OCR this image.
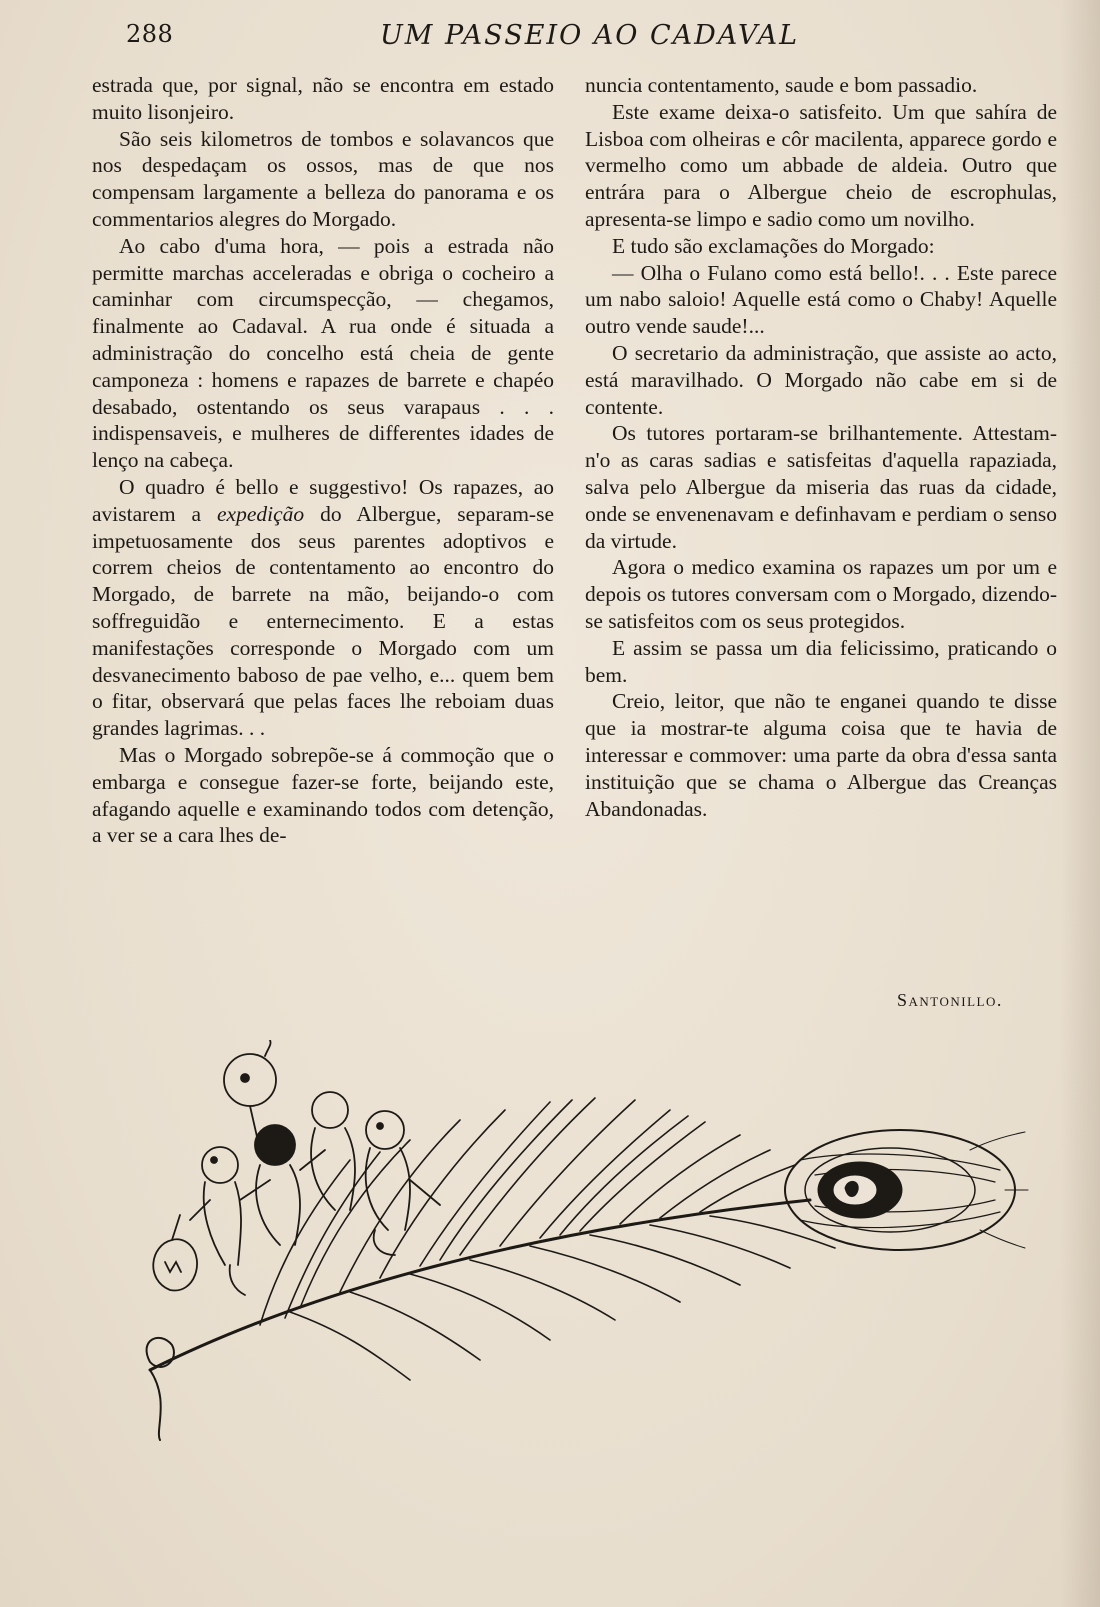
288	UM PASSEIO AO CADAVAL

estrada que, por signal, não se encontra em estado muito lisonjeiro.

São seis kilometros de tombos e solavancos que nos despedaçam os ossos, mas de que nos compensam largamente a belleza do panorama e os commentarios alegres do Morgado.

Ao cabo d'uma hora, — pois a estrada não permitte marchas acceleradas e obriga o cocheiro a caminhar com circumspecção, — chegamos, finalmente ao Cadaval. A rua onde é situada a administração do concelho está cheia de gente camponeza : homens e rapazes de barrete e chapéo desabado, ostentando os seus varapaus . . . indispensaveis, e mulheres de differentes idades de lenço na cabeça.

O quadro é bello e suggestivo! Os rapazes, ao avistarem a expedição do Albergue, separam-se impetuosamente dos seus parentes adoptivos e correm cheios de contentamento ao encontro do Morgado, de barrete na mão, beijando-o com soffreguidão e enternecimento. E a estas manifestações corresponde o Morgado com um desvanecimento baboso de pae velho, e... quem bem o fitar, observará que pelas faces lhe reboiam duas grandes lagrimas. . .

Mas o Morgado sobrepõe-se á commoção que o embarga e consegue fazer-se forte, beijando este, afagando aquelle e examinando todos com detenção, a ver se a cara lhes de-

nuncia contentamento, saude e bom passadio.

Este exame deixa-o satisfeito. Um que sahíra de Lisboa com olheiras e côr macilenta, apparece gordo e vermelho como um abbade de aldeia. Outro que entrára para o Albergue cheio de escrophulas, apresenta-se limpo e sadio como um novilho.

E tudo são exclamações do Morgado:

— Olha o Fulano como está bello!. . . Este parece um nabo saloio! Aquelle está como o Chaby! Aquelle outro vende saude!...

O secretario da administração, que assiste ao acto, está maravilhado. O Morgado não cabe em si de contente.

Os tutores portaram-se brilhantemente. Attestam-n'o as caras sadias e satisfeitas d'aquella rapaziada, salva pelo Albergue da miseria das ruas da cidade, onde se envenenavam e definhavam e perdiam o senso da virtude.

Agora o medico examina os rapazes um por um e depois os tutores conversam com o Morgado, dizendo-se satisfeitos com os seus protegidos.

E assim se passa um dia felicissimo, praticando o bem.

Creio, leitor, que não te enganei quando te disse que ia mostrar-te alguma coisa que te havia de interessar e commover: uma parte da obra d'essa santa instituição que se chama o Albergue das Creanças Abandonadas.

Santonillo.
